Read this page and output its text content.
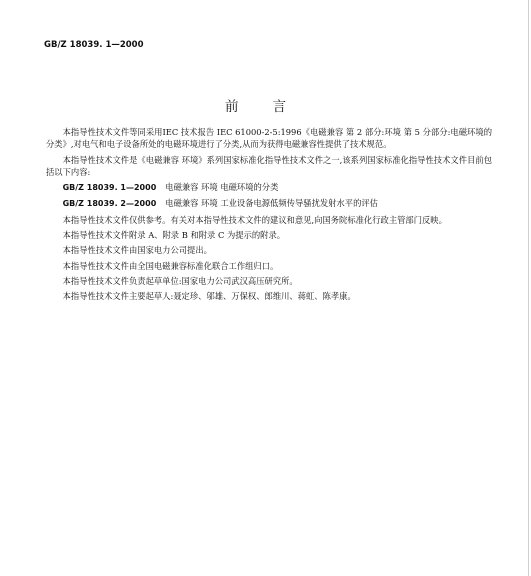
GB/Z 18039. 1—2000
前	言

本指导性技术文件等同采用IEC 技术报告 IEC 61000-2-5:1996《电磁兼容 第 2 部分:环境 第 5 分部分:电磁环境的分类》,对电气和电子设备所处的电磁环境进行了分类,从而为获得电磁兼容性提供了技术规范。

本指导性技术文件是《电磁兼容 环境》系列国家标准化指导性技术文件之一,该系列国家标准化指导性技术文件目前包括以下内容:

GB/Z 18039. 1—2000 电磁兼容 环境 电磁环境的分类
GB/Z 18039. 2—2000 电磁兼容 环境 工业设备电源低频传导骚扰发射水平的评估

本指导性技术文件仅供参考。有关对本指导性技术文件的建议和意见,向国务院标准化行政主管部门反映。

本指导性技术文件附录 A、附录 B 和附录 C 为提示的附录。

本指导性技术文件由国家电力公司提出。

本指导性技术文件由全国电磁兼容标准化联合工作组归口。

本指导性技术文件负责起草单位:国家电力公司武汉高压研究所。

本指导性技术文件主要起草人:聂定珍、邬雄、万保权、郎维川、蒋虹、陈孝康。
